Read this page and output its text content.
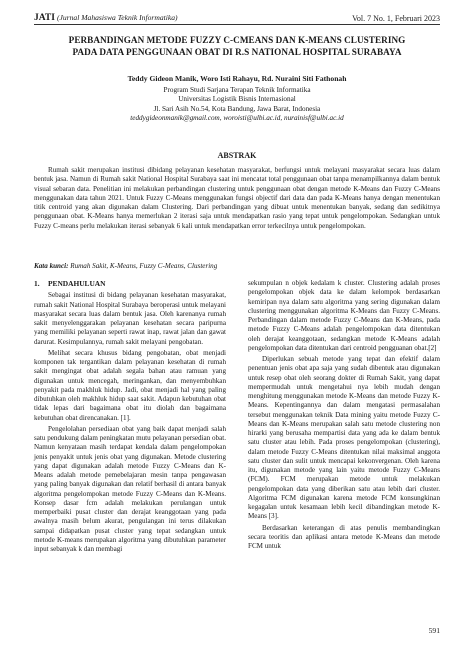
JATI (Jurnal Mahasiswa Teknik Informatika)	Vol. 7 No. 1, Februari 2023
PERBANDINGAN METODE FUZZY C-CMEANS DAN K-MEANS CLUSTERING
PADA DATA PENGGUNAAN OBAT DI R.S NATIONAL HOSPITAL SURABAYA
Teddy Gideon Manik, Woro Isti Rahayu, Rd. Nuraini Siti Fathonah
Program Studi Sarjana Terapan Teknik Informatika
Universitas Logistik Bisnis Internasional
Jl. Sari Asih No.54, Kota Bandung, Jawa Barat, Indonesia
teddygideonmanik@gmail.com, woroisti@ulbi.ac.id, nurainisf@ulbi.ac.id
ABSTRAK

Rumah sakit merupakan institusi dibidang pelayanan kesehatan masyarakat, berfungsi untuk melayani masyarakat secara luas dalam bentuk jasa. Namun di Rumah sakit National Hospital Surabaya saat ini mencatat total penggunaan obat tanpa menampilkannya dalam bentuk visual sebaran data. Penelitian ini melakukan perbandingan clustering untuk penggunaan obat dengan metode K-Means dan Fuzzy C-Means menggunakan data tahun 2021. Untuk Fuzzy C-Means menggunakan fungsi objectif dari data dan pada K-Means hanya dengan menentukan titik centroid yang akan digunakan dalam Clustering. Dari perbandingan yang dibuat untuk menentukan banyak, sedang dan sedikitnya penggunaan obat. K-Means hanya memerlukan 2 iterasi saja untuk mendapatkan rasio yang tepat untuk pengelompokan. Sedangkan untuk Fuzzy C-means perlu melakukan iterasi sebanyak 6 kali untuk mendapatkan error terkecilnya untuk pengelompokan.

Kata kunci: Rumah Sakit, K-Means, Fuzzy C-Means, Clustering

1. PENDAHULUAN

Sebagai institusi di bidang pelayanan kesehatan masyarakat, rumah sakit National Hospital Surabaya beroperasi untuk melayani masyarakat secara luas dalam bentuk jasa. Oleh karenanya rumah sakit menyelenggarakan pelayanan kesehatan secara paripurna yang memiliki pelayanan seperti rawat inap, rawat jalan dan gawat darurat. Kesimpulannya, rumah sakit melayani pengobatan.

Melihat secara khusus bidang pengobatan, obat menjadi komponen tak tergantikan dalam pelayanan kesehatan di rumah sakit mengingat obat adalah segala bahan atau ramuan yang digunakan untuk mencegah, meringankan, dan menyembuhkan penyakit pada makhluk hidup. Jadi, obat menjadi hal yang paling dibutuhkan oleh makhluk hidup saat sakit. Adapun kebutuhan obat tidak lepas dari bagaimana obat itu diolah dan bagaimana kebutuhan obat direncanakan. [1].

Pengelolahan persediaan obat yang baik dapat menjadi salah satu pendukung dalam peningkatan mutu pelayanan persedian obat. Namun kenyataan masih terdapat kendala dalam pengelompokan jenis penyakit untuk jenis obat yang digunakan. Metode clustering yang dapat digunakan adalah metode Fuzzy C-Means dan K-Means adalah metode pemebelajaran mesin tanpa pengawasan yang paling banyak digunakan dan relatif berhasil di antara banyak algoritma pengelompokan metode Fuzzy C-Means dan K-Means. Konsep dasar fcm adalah melakukan perulangan untuk memperbaiki pusat cluster dan derajat keanggotaan yang pada awalnya masih belum akurat, pengulangan ini terus dilakukan sampai didapatkan pusat cluster yang tepat sedangkan untuk metode K-means merupakan algoritma yang dibutuhkan parameter input sebanyak k dan membagi

sekumpulan n objek kedalam k cluster. Clustering adalah proses pengelompokan objek data ke dalam kelompok berdasarkan kemiripan nya dalam satu algoritma yang sering digunakan dalam clustering menggunakan algoritma K-Means dan Fuzzy C-Means. Perbandingan dalam metode Fuzzy C-Means dan K-Means, pada metode Fuzzy C-Means adalah pengelompokan data ditentukan oleh derajat keanggotaan, sedangkan metode K-Means adalah pengelompokan data ditentukan dari centroid pengguanan obat.[2]

Diperlukan sebuah metode yang tepat dan efektif dalam penentuan jenis obat apa saja yang sudah dibentuk atau digunakan untuk resep obat oleh seorang dokter di Rumah Sakit, yang dapat mempermudah untuk mengetahui nya lebih mudah dengan menghitung menggunakan metode K-Means dan metode Fuzzy K-Means. Kepentingannya dan dalam mengatasi permasalahan tersebut menggunakan teknik Data mining yaitu metode Fuzzy C-Means dan K-Means merupakan salah satu metode clustering non hirarki yang berusaha mempartisi data yang ada ke dalam bentuk satu cluster atau lebih. Pada proses pengelompokan (clustering), dalam metode Fuzzy C-Means ditentukan nilai maksimal anggota satu cluster dan sulit untuk mencapai kekonvergenan. Oleh karena itu, digunakan metode yang lain yaitu metode Fuzzy C-Means (FCM). FCM merupakan metode untuk melakukan pengelompokan data yang diberikan satu atau lebih dari cluster. Algoritma FCM digunakan karena metode FCM konsungkinan kegagalan untuk kesamaan lebih kecil dibandingkan metode K-Means [3].

Berdasarkan keterangan di atas penulis membandingkan secara teoritis dan aplikasi antara metode K-Means dan metode FCM untuk

591
